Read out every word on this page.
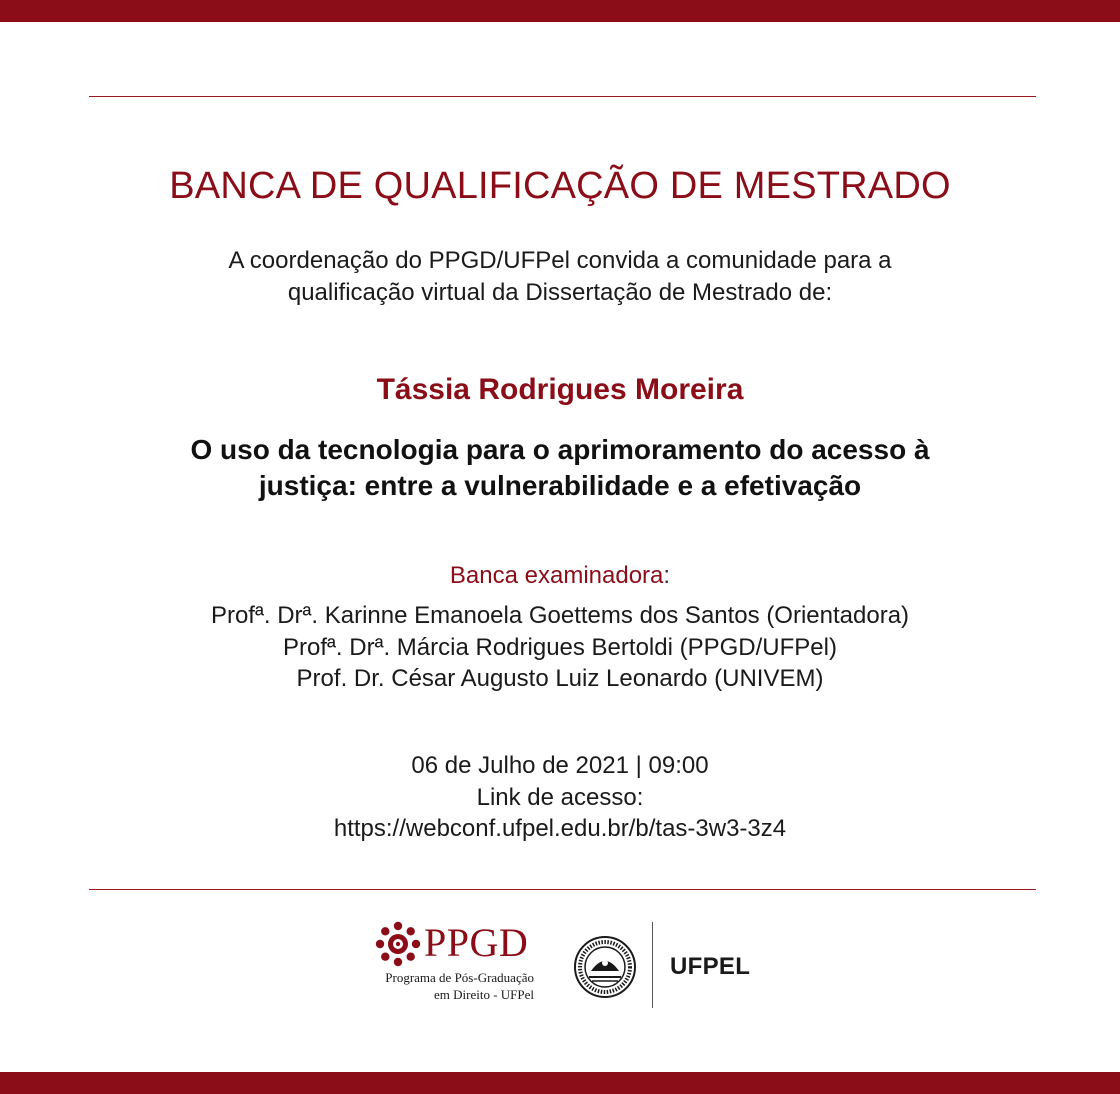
BANCA DE QUALIFICAÇÃO DE MESTRADO
A coordenação do PPGD/UFPel convida a comunidade para a
qualificação virtual da Dissertação de Mestrado de:
Tássia Rodrigues Moreira
O uso da tecnologia para o aprimoramento do acesso à
justiça: entre a vulnerabilidade e a efetivação
Banca examinadora:
Profª. Drª. Karinne Emanoela Goettems dos Santos (Orientadora)
Profª. Drª. Márcia Rodrigues Bertoldi (PPGD/UFPel)
Prof. Dr. César Augusto Luiz Leonardo (UNIVEM)
06 de Julho de 2021 | 09:00
Link de acesso:
https://webconf.ufpel.edu.br/b/tas-3w3-3z4
PPGD
Programa de Pós-Graduação
em Direito - UFPel
UFPEL
